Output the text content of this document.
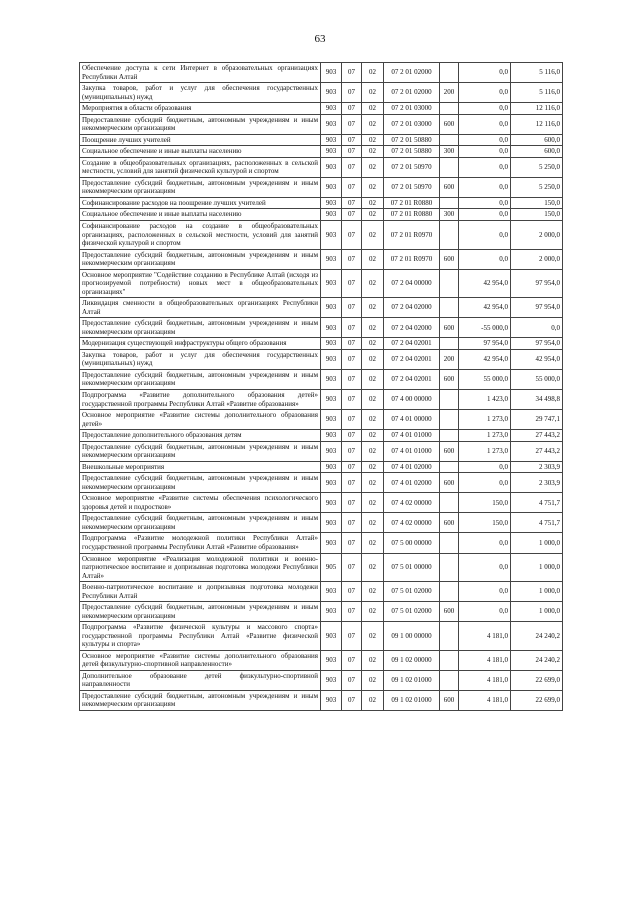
63
Обеспечение доступа к сети Интернет в образовательных организациях Республики Алтай	903	07	02	07 2 01 02000		0,0	5 116,0
Закупка товаров, работ и услуг для обеспечения государственных (муниципальных) нужд	903	07	02	07 2 01 02000	200	0,0	5 116,0
Мероприятия в области образования	903	07	02	07 2 01 03000		0,0	12 116,0
Предоставление субсидий бюджетным, автономным учреждениям и иным некоммерческим организациям	903	07	02	07 2 01 03000	600	0,0	12 116,0
Поощрение лучших учителей	903	07	02	07 2 01 50880		0,0	600,0
Социальное обеспечение и иные выплаты населению	903	07	02	07 2 01 50880	300	0,0	600,0
Создание в общеобразовательных организациях, расположенных в сельской местности, условий для занятий физической культурой и спортом	903	07	02	07 2 01 50970		0,0	5 250,0
Предоставление субсидий бюджетным, автономным учреждениям и иным некоммерческим организациям	903	07	02	07 2 01 50970	600	0,0	5 250,0
Софинансирование расходов на поощрение лучших учителей	903	07	02	07 2 01 R0880		0,0	150,0
Социальное обеспечение и иные выплаты населению	903	07	02	07 2 01 R0880	300	0,0	150,0
Софинансирование расходов на создание в общеобразовательных организациях, расположенных в сельской местности, условий для занятий физической культурой и спортом	903	07	02	07 2 01 R0970		0,0	2 000,0
Предоставление субсидий бюджетным, автономным учреждениям и иным некоммерческим организациям	903	07	02	07 2 01 R0970	600	0,0	2 000,0
Основное мероприятие "Содействие созданию в Республике Алтай (исходя из прогнозируемой потребности) новых мест в общеобразовательных организациях"	903	07	02	07 2 04 00000		42 954,0	97 954,0
Ликвидация сменности в общеобразовательных организациях Республики Алтай	903	07	02	07 2 04 02000		42 954,0	97 954,0
Предоставление субсидий бюджетным, автономным учреждениям и иным некоммерческим организациям	903	07	02	07 2 04 02000	600	-55 000,0	0,0
Модернизация существующей инфраструктуры общего образования	903	07	02	07 2 04 02001		97 954,0	97 954,0
Закупка товаров, работ и услуг для обеспечения государственных (муниципальных) нужд	903	07	02	07 2 04 02001	200	42 954,0	42 954,0
Предоставление субсидий бюджетным, автономным учреждениям и иным некоммерческим организациям	903	07	02	07 2 04 02001	600	55 000,0	55 000,0
Подпрограмма «Развитие дополнительного образования детей» государственной программы Республики Алтай «Развитие образования»	903	07	02	07 4 00 00000		1 423,0	34 498,8
Основное мероприятие «Развитие системы дополнительного образования детей»	903	07	02	07 4 01 00000		1 273,0	29 747,1
Предоставление дополнительного образования детям	903	07	02	07 4 01 01000		1 273,0	27 443,2
Предоставление субсидий бюджетным, автономным учреждениям и иным некоммерческим организациям	903	07	02	07 4 01 01000	600	1 273,0	27 443,2
Внешкольные мероприятия	903	07	02	07 4 01 02000		0,0	2 303,9
Предоставление субсидий бюджетным, автономным учреждениям и иным некоммерческим организациям	903	07	02	07 4 01 02000	600	0,0	2 303,9
Основное мероприятие «Развитие системы обеспечения психологического здоровья детей и подростков»	903	07	02	07 4 02 00000		150,0	4 751,7
Предоставление субсидий бюджетным, автономным учреждениям и иным некоммерческим организациям	903	07	02	07 4 02 00000	600	150,0	4 751,7
Подпрограмма «Развитие молодежной политики Республики Алтай» государственной программы Республики Алтай «Развитие образования»	903	07	02	07 5 00 00000		0,0	1 000,0
Основное мероприятие «Реализация молодежной политики и военно-патриотическое воспитание и допризывная подготовка молодежи Республики Алтай»	905	07	02	07 5 01 00000		0,0	1 000,0
Военно-патриотическое воспитание и допризывная подготовка молодежи Республики Алтай	903	07	02	07 5 01 02000		0,0	1 000,0
Предоставление субсидий бюджетным, автономным учреждениям и иным некоммерческим организациям	903	07	02	07 5 01 02000	600	0,0	1 000,0
Подпрограмма «Развитие физической культуры и массового спорта» государственной программы Республики Алтай «Развитие физической культуры и спорта»	903	07	02	09 1 00 00000		4 181,0	24 240,2
Основное мероприятие «Развитие системы дополнительного образования детей физкультурно-спортивной направленности»	903	07	02	09 1 02 00000		4 181,0	24 240,2
Дополнительное образование детей физкультурно-спортивной направленности	903	07	02	09 1 02 01000		4 181,0	22 699,0
Предоставление субсидий бюджетным, автономным учреждениям и иным некоммерческим организациям	903	07	02	09 1 02 01000	600	4 181,0	22 699,0
